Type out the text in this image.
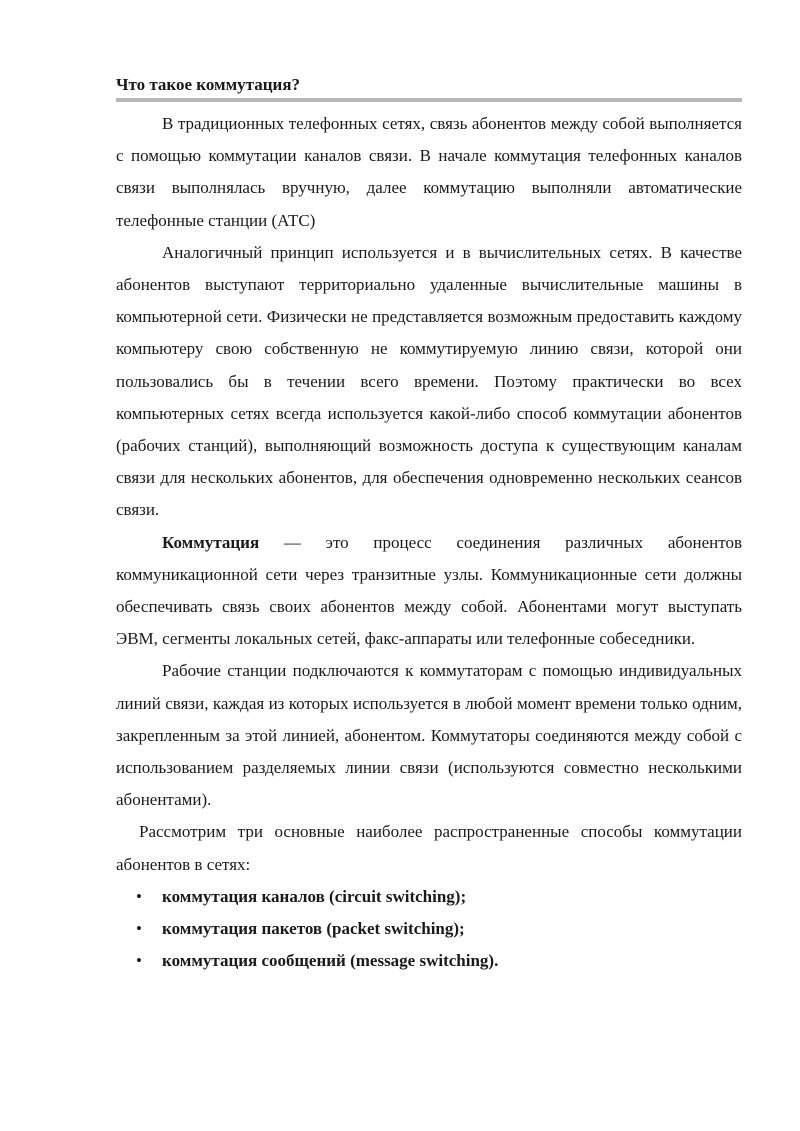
Что такое коммутация?

В традиционных телефонных сетях, связь абонентов между собой выполняется с помощью коммутации каналов связи. В начале коммутация телефонных каналов связи выполнялась вручную, далее коммутацию выполняли автоматические телефонные станции (АТС)

Аналогичный принцип используется и в вычислительных сетях. В качестве абонентов выступают территориально удаленные вычислительные машины в компьютерной сети. Физически не представляется возможным предоставить каждому компьютеру свою собственную не коммутируемую линию связи, которой они пользовались бы в течении всего времени. Поэтому практически во всех компьютерных сетях всегда используется какой-либо способ коммутации абонентов (рабочих станций), выполняющий возможность доступа к существующим каналам связи для нескольких абонентов, для обеспечения одновременно нескольких сеансов связи.

Коммутация — это процесс соединения различных абонентов коммуникационной сети через транзитные узлы. Коммуникационные сети должны обеспечивать связь своих абонентов между собой. Абонентами могут выступать ЭВМ, сегменты локальных сетей, факс-аппараты или телефонные собеседники.

Рабочие станции подключаются к коммутаторам с помощью индивидуальных линий связи, каждая из которых используется в любой момент времени только одним, закрепленным за этой линией, абонентом. Коммутаторы соединяются между собой с использованием разделяемых линии связи (используются совместно несколькими абонентами).

Рассмотрим три основные наиболее распространенные способы коммутации абонентов в сетях:

• коммутация каналов (circuit switching);
• коммутация пакетов (packet switching);
• коммутация сообщений (message switching).
